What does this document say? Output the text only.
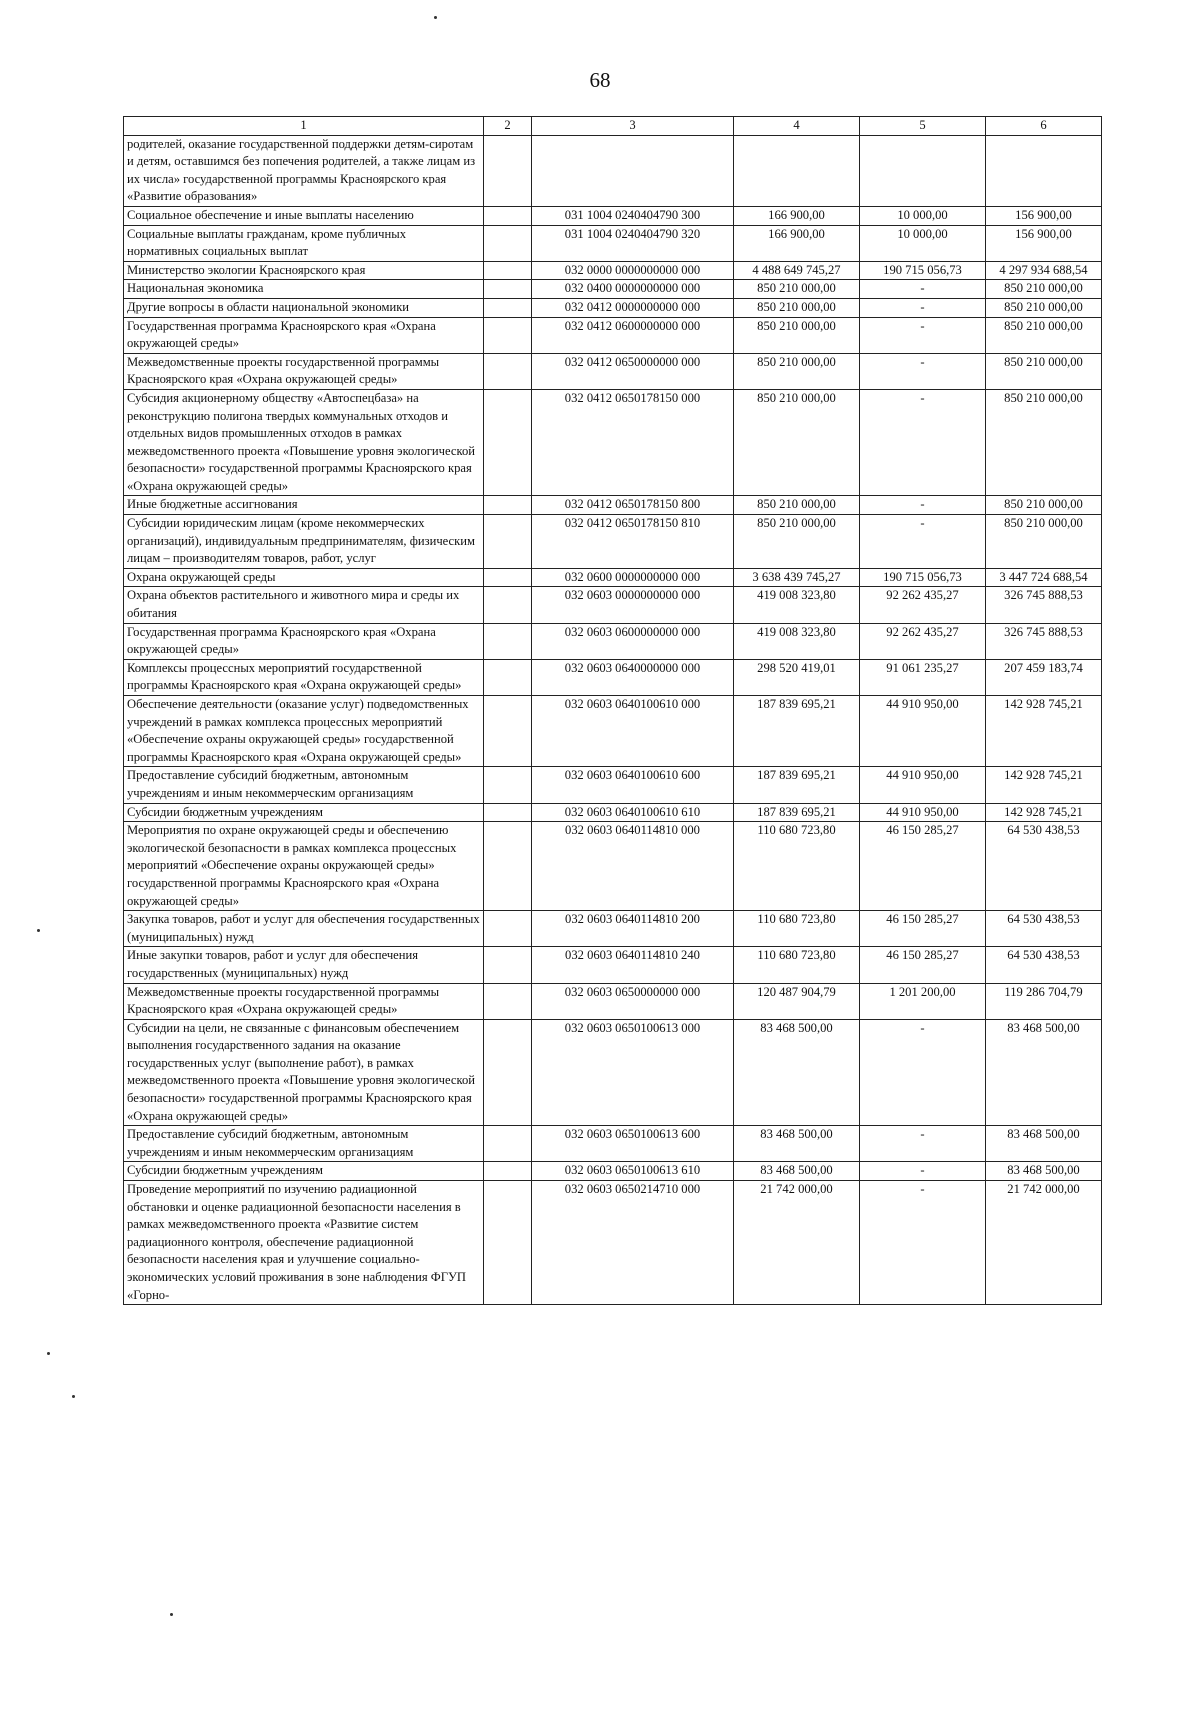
68
1	2	3	4	5	6
родителей, оказание государственной поддержки детям-сиротам и детям, оставшимся без попечения родителей, а также лицам из их числа» государственной программы Красноярского края «Развитие образования»					
Социальное обеспечение и иные выплаты населению		031 1004 0240404790 300	166 900,00	10 000,00	156 900,00
Социальные выплаты гражданам, кроме публичных нормативных социальных выплат		031 1004 0240404790 320	166 900,00	10 000,00	156 900,00
Министерство экологии Красноярского края		032 0000 0000000000 000	4 488 649 745,27	190 715 056,73	4 297 934 688,54
Национальная экономика		032 0400 0000000000 000	850 210 000,00	-	850 210 000,00
Другие вопросы в области национальной экономики		032 0412 0000000000 000	850 210 000,00	-	850 210 000,00
Государственная программа Красноярского края «Охрана окружающей среды»		032 0412 0600000000 000	850 210 000,00	-	850 210 000,00
Межведомственные проекты государственной программы Красноярского края «Охрана окружающей среды»		032 0412 0650000000 000	850 210 000,00	-	850 210 000,00
Субсидия акционерному обществу «Автоспецбаза» на реконструкцию полигона твердых коммунальных отходов и отдельных видов промышленных отходов в рамках межведомственного проекта «Повышение уровня экологической безопасности» государственной программы Красноярского края «Охрана окружающей среды»		032 0412 0650178150 000	850 210 000,00	-	850 210 000,00
Иные бюджетные ассигнования		032 0412 0650178150 800	850 210 000,00	-	850 210 000,00
Субсидии юридическим лицам (кроме некоммерческих организаций), индивидуальным предпринимателям, физическим лицам – производителям товаров, работ, услуг		032 0412 0650178150 810	850 210 000,00	-	850 210 000,00
Охрана окружающей среды		032 0600 0000000000 000	3 638 439 745,27	190 715 056,73	3 447 724 688,54
Охрана объектов растительного и животного мира и среды их обитания		032 0603 0000000000 000	419 008 323,80	92 262 435,27	326 745 888,53
Государственная программа Красноярского края «Охрана окружающей среды»		032 0603 0600000000 000	419 008 323,80	92 262 435,27	326 745 888,53
Комплексы процессных мероприятий государственной программы Красноярского края «Охрана окружающей среды»		032 0603 0640000000 000	298 520 419,01	91 061 235,27	207 459 183,74
Обеспечение деятельности (оказание услуг) подведомственных учреждений в рамках комплекса процессных мероприятий «Обеспечение охраны окружающей среды» государственной программы Красноярского края «Охрана окружающей среды»		032 0603 0640100610 000	187 839 695,21	44 910 950,00	142 928 745,21
Предоставление субсидий бюджетным, автономным учреждениям и иным некоммерческим организациям		032 0603 0640100610 600	187 839 695,21	44 910 950,00	142 928 745,21
Субсидии бюджетным учреждениям		032 0603 0640100610 610	187 839 695,21	44 910 950,00	142 928 745,21
Мероприятия по охране окружающей среды и обеспечению экологической безопасности в рамках комплекса процессных мероприятий «Обеспечение охраны окружающей среды» государственной программы Красноярского края «Охрана окружающей среды»		032 0603 0640114810 000	110 680 723,80	46 150 285,27	64 530 438,53
Закупка товаров, работ и услуг для обеспечения государственных (муниципальных) нужд		032 0603 0640114810 200	110 680 723,80	46 150 285,27	64 530 438,53
Иные закупки товаров, работ и услуг для обеспечения государственных (муниципальных) нужд		032 0603 0640114810 240	110 680 723,80	46 150 285,27	64 530 438,53
Межведомственные проекты государственной программы Красноярского края «Охрана окружающей среды»		032 0603 0650000000 000	120 487 904,79	1 201 200,00	119 286 704,79
Субсидии на цели, не связанные с финансовым обеспечением выполнения государственного задания на оказание государственных услуг (выполнение работ), в рамках межведомственного проекта «Повышение уровня экологической безопасности» государственной программы Красноярского края «Охрана окружающей среды»		032 0603 0650100613 000	83 468 500,00	-	83 468 500,00
Предоставление субсидий бюджетным, автономным учреждениям и иным некоммерческим организациям		032 0603 0650100613 600	83 468 500,00	-	83 468 500,00
Субсидии бюджетным учреждениям		032 0603 0650100613 610	83 468 500,00	-	83 468 500,00
Проведение мероприятий по изучению радиационной обстановки и оценке радиационной безопасности населения в рамках межведомственного проекта «Развитие систем радиационного контроля, обеспечение радиационной безопасности населения края и улучшение социально-экономических условий проживания в зоне наблюдения ФГУП «Горно-		032 0603 0650214710 000	21 742 000,00	-	21 742 000,00
